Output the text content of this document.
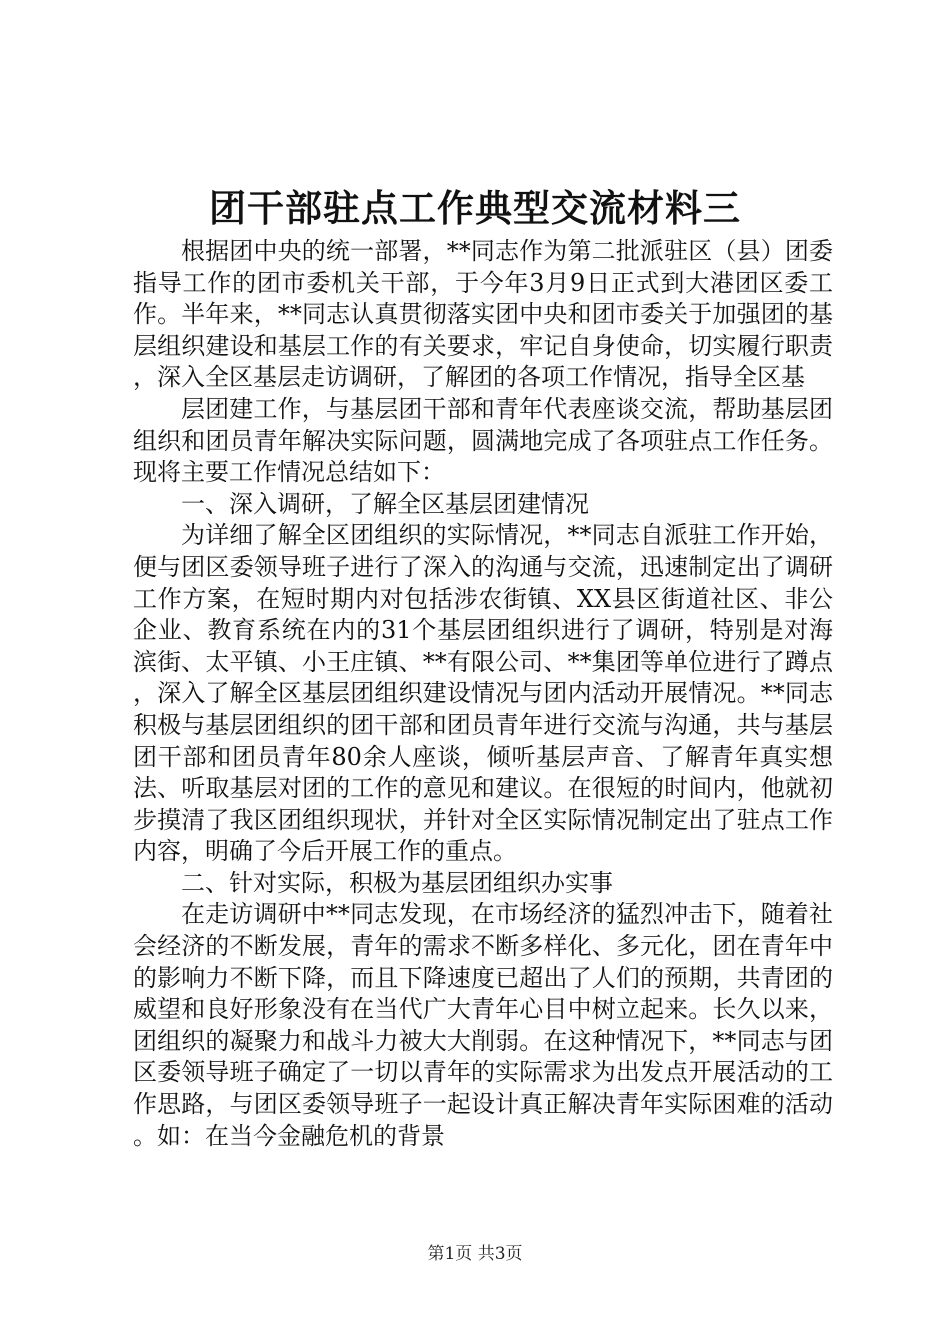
团干部驻点工作典型交流材料三

根据团中央的统一部署，**同志作为第二批派驻区（县）团委指导工作的团市委机关干部，于今年3月9日正式到大港团区委工作。半年来，**同志认真贯彻落实团中央和团市委关于加强团的基层组织建设和基层工作的有关要求，牢记自身使命，切实履行职责，深入全区基层走访调研，了解团的各项工作情况，指导全区基

层团建工作，与基层团干部和青年代表座谈交流，帮助基层团组织和团员青年解决实际问题，圆满地完成了各项驻点工作任务。现将主要工作情况总结如下：

一、深入调研，了解全区基层团建情况

为详细了解全区团组织的实际情况，**同志自派驻工作开始，便与团区委领导班子进行了深入的沟通与交流，迅速制定出了调研工作方案，在短时期内对包括涉农街镇、XX县区街道社区、非公企业、教育系统在内的31个基层团组织进行了调研，特别是对海滨街、太平镇、小王庄镇、**有限公司、**集团等单位进行了蹲点，深入了解全区基层团组织建设情况与团内活动开展情况。**同志积极与基层团组织的团干部和团员青年进行交流与沟通，共与基层团干部和团员青年80余人座谈，倾听基层声音、了解青年真实想法、听取基层对团的工作的意见和建议。在很短的时间内，他就初步摸清了我区团组织现状，并针对全区实际情况制定出了驻点工作内容，明确了今后开展工作的重点。

二、针对实际，积极为基层团组织办实事

在走访调研中**同志发现，在市场经济的猛烈冲击下，随着社会经济的不断发展，青年的需求不断多样化、多元化，团在青年中的影响力不断下降，而且下降速度已超出了人们的预期，共青团的威望和良好形象没有在当代广大青年心目中树立起来。长久以来，团组织的凝聚力和战斗力被大大削弱。在这种情况下，**同志与团区委领导班子确定了一切以青年的实际需求为出发点开展活动的工作思路，与团区委领导班子一起设计真正解决青年实际困难的活动。如：在当今金融危机的背景

第1页 共3页
